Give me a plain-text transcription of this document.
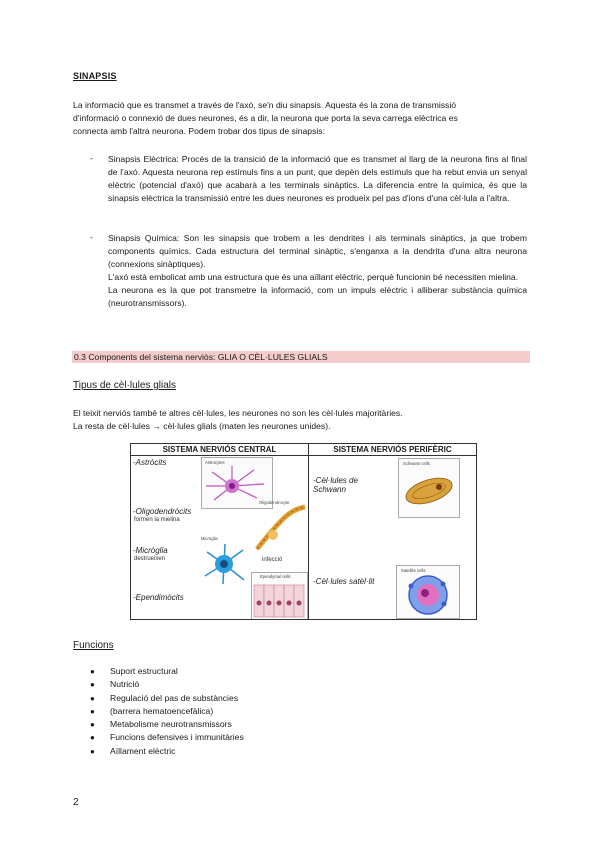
SINAPSIS
La informació que es transmet a través de l'axó, se'n diu sinapsis. Aquesta és la zona de transmissió
d'informació o connexió de dues neurones, és a dir, la neurona que porta la seva carrega elèctrica es
connecta amb l'altra neurona. Podem trobar dos tipus de sinapsis:
- Sinapsis Elèctrica: Procés de la transició de la informació que es transmet al llarg de la neurona fins al final de l'axó. Aquesta neurona rep estímuls fins a un punt, que depèn dels estímuls que ha rebut envia un senyal elèctric (potencial d'axó) que acabarà a les terminals sinàptics. La diferencia entre la química, és que la sinapsis elèctrica la transmissió entre les dues neurones es produeix pel pas d'ions d'una cèl·lula a l'altra.
- Sinapsis Química: Son les sinapsis que trobem a les dendrites i als terminals sinàptics, ja que trobem components químics. Cada estructura del terminal sinàptic, s'enganxa a la dendrita d'una altra neurona (connexions sinàptiques).

L'axó està embolicat amb una estructura que és una aïllant elèctric, perquè funcionin bé necessiten mielina.

La neurona es la que pot transmetre la informació, com un impuls elèctric i alliberar substància química (neurotransmissors).

0.3 Components del sistema nerviòs: GLIA O CÈL·LULES GLIALS
Tipus de cèl·lules glials
El teixit nerviós també te altres cèl·lules, les neurones no son les cèl·lules majoritàries.
La resta de cèl·lules → cèl·lules glials (maten les neurones unides).
SISTEMA NERVIÓS CENTRAL	SISTEMA NERVIÓS PERIFÈRIC
-Astròcits
-Oligodendròcits
formen la mielina
-Micròglia
destrueixen
-Ependimòcits
Astrocytes
Oligodendrocyte
Microglia
infecció
Ependymal cells
-Cèl·lules de Schwann
-Cèl·lules satèl·lit
Schwann cells
Satellite cells
Funcions
● Suport estructural
● Nutrició
● Regulació del pas de substàncies
● (barrera hematoencefàlica)
● Metabolisme neurotransmissors
● Funcions defensives i immunitàries
● Aïllament elèctric
2
